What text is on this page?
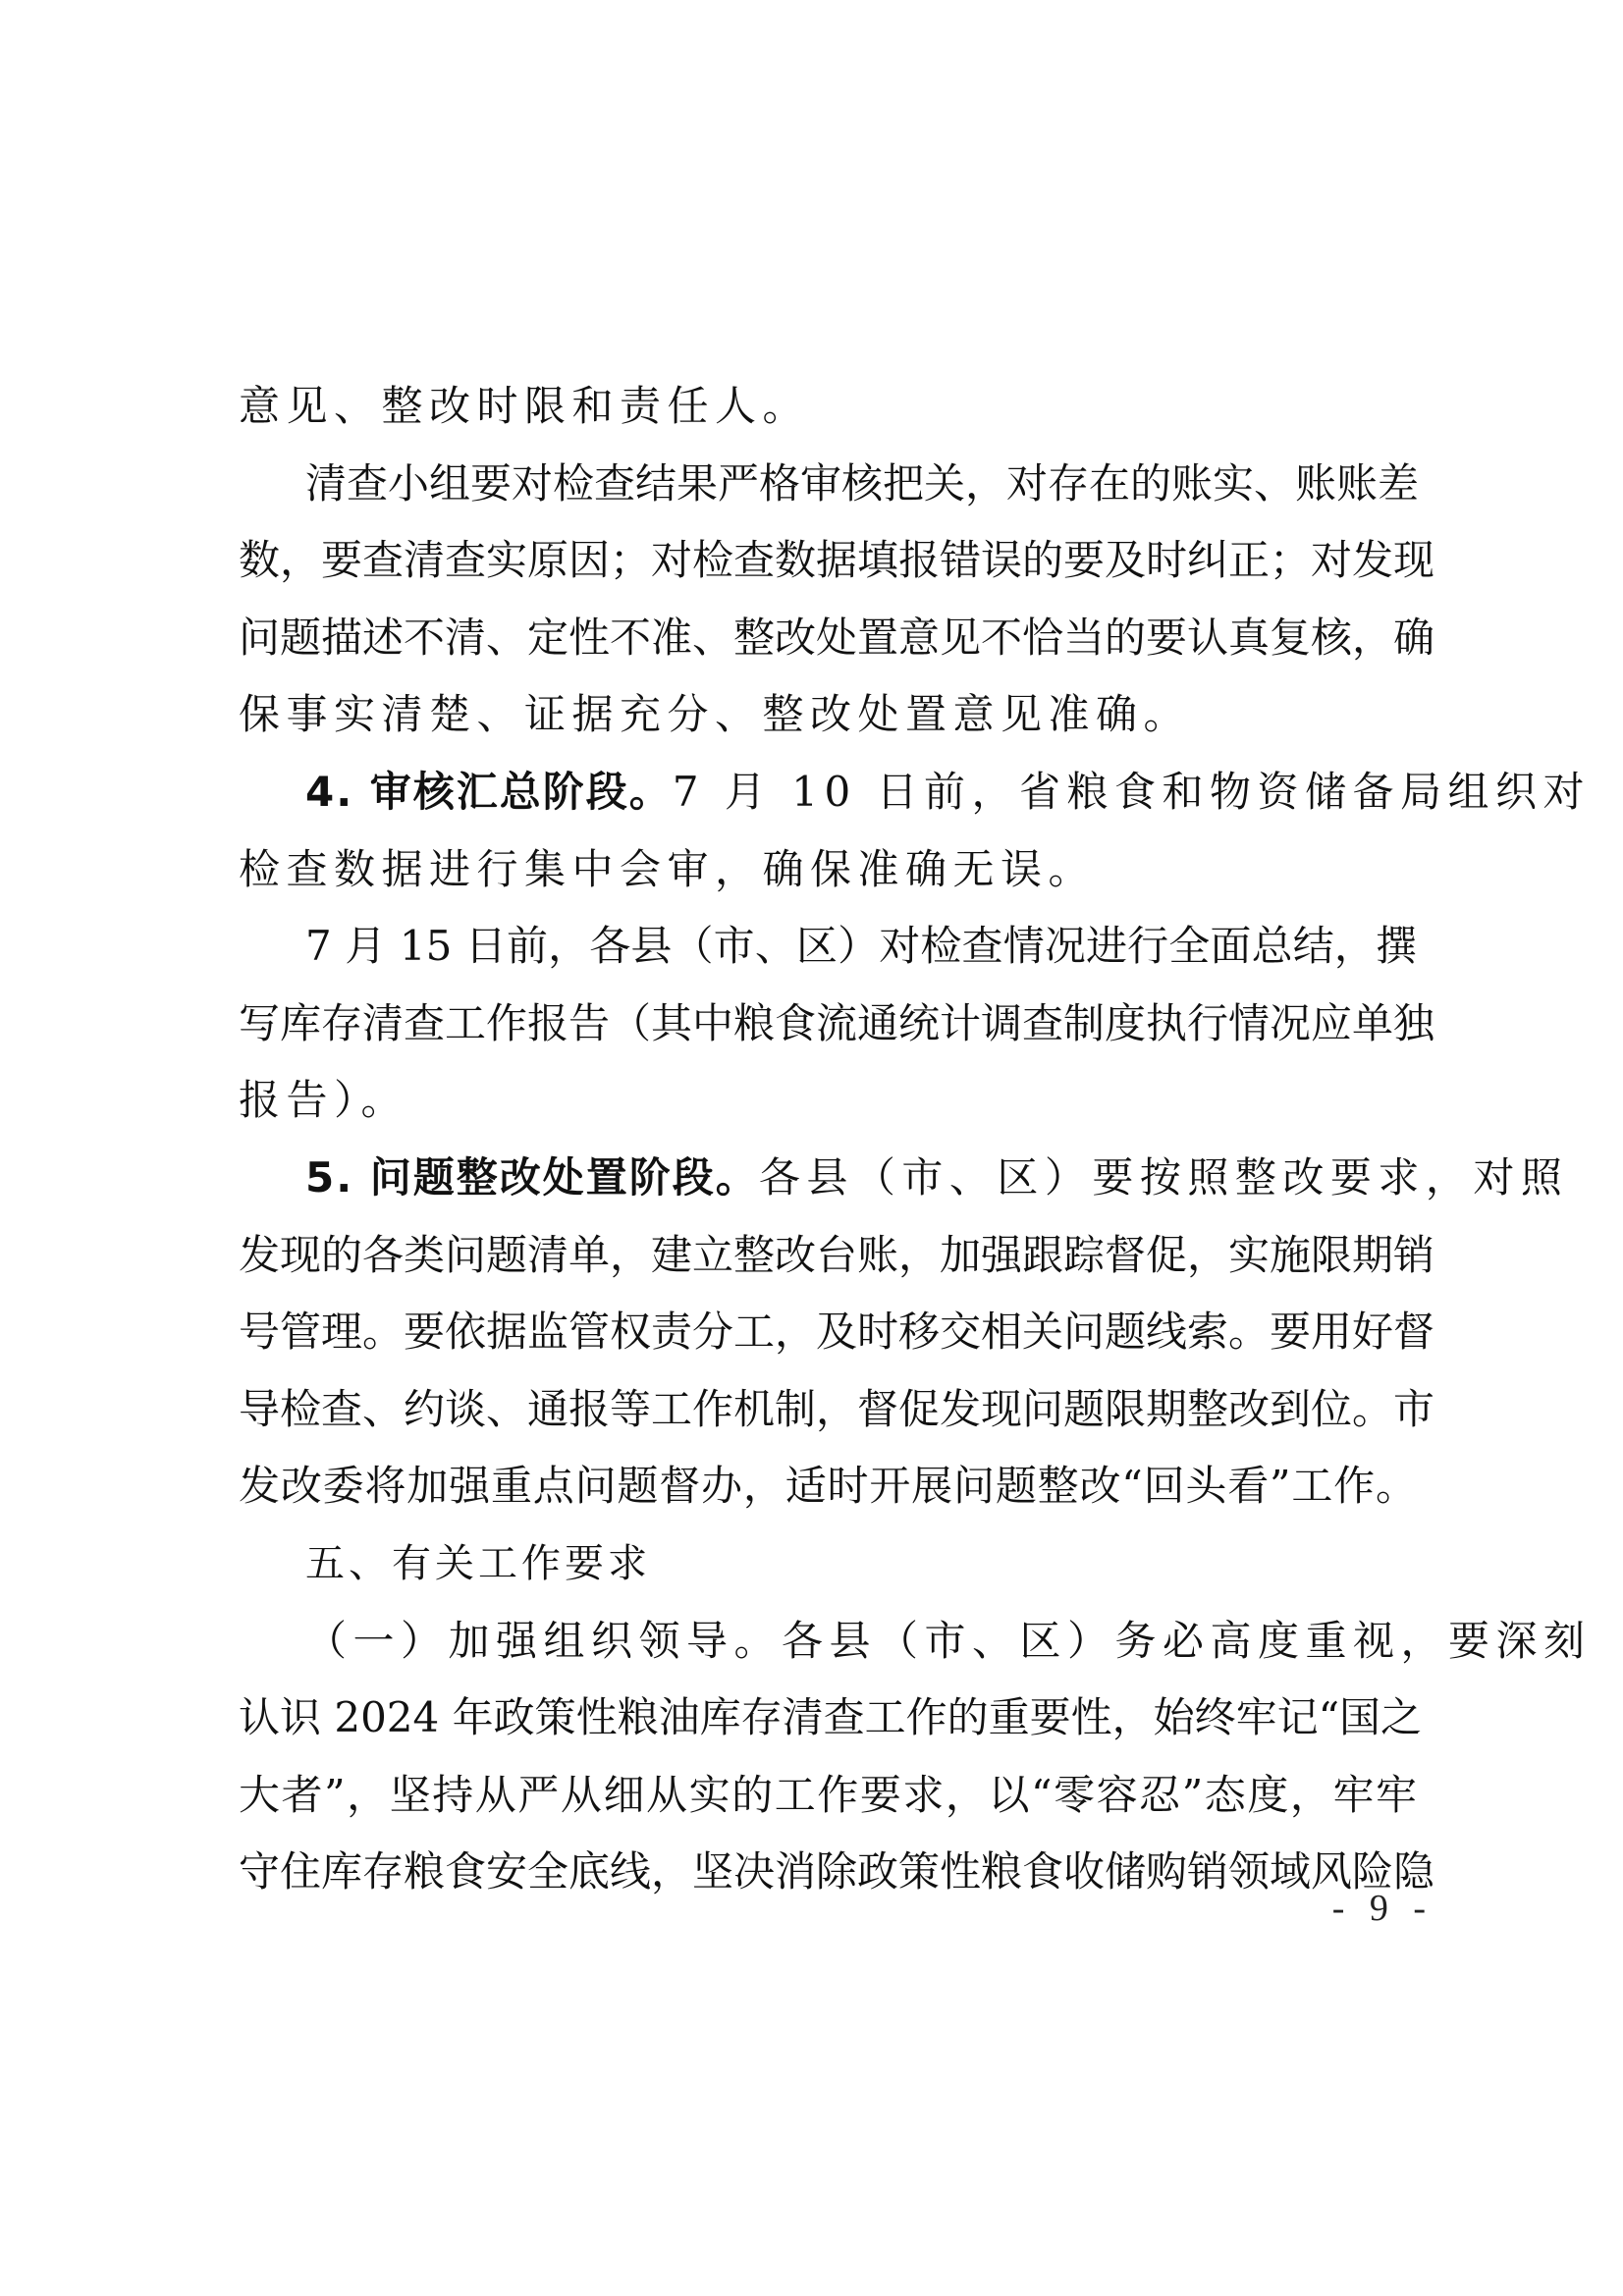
意见、整改时限和责任人。
清查小组要对检查结果严格审核把关，对存在的账实、账账差
数，要查清查实原因；对检查数据填报错误的要及时纠正；对发现
问题描述不清、定性不准、整改处置意见不恰当的要认真复核，确
保事实清楚、证据充分、整改处置意见准确。
4. 审核汇总阶段。7 月 10 日前，省粮食和物资储备局组织对
检查数据进行集中会审，确保准确无误。
7 月 15 日前，各县（市、区）对检查情况进行全面总结，撰
写库存清查工作报告（其中粮食流通统计调查制度执行情况应单独
报告）。
5. 问题整改处置阶段。各县（市、区）要按照整改要求，对照
发现的各类问题清单，建立整改台账，加强跟踪督促，实施限期销
号管理。要依据监管权责分工，及时移交相关问题线索。要用好督
导检查、约谈、通报等工作机制，督促发现问题限期整改到位。市
发改委将加强重点问题督办，适时开展问题整改“回头看”工作。
五、有关工作要求
（一）加强组织领导。各县（市、区）务必高度重视，要深刻
认识 2024 年政策性粮油库存清查工作的重要性，始终牢记“国之
大者”，坚持从严从细从实的工作要求，以“零容忍”态度，牢牢
守住库存粮食安全底线，坚决消除政策性粮食收储购销领域风险隐
- 9 -
